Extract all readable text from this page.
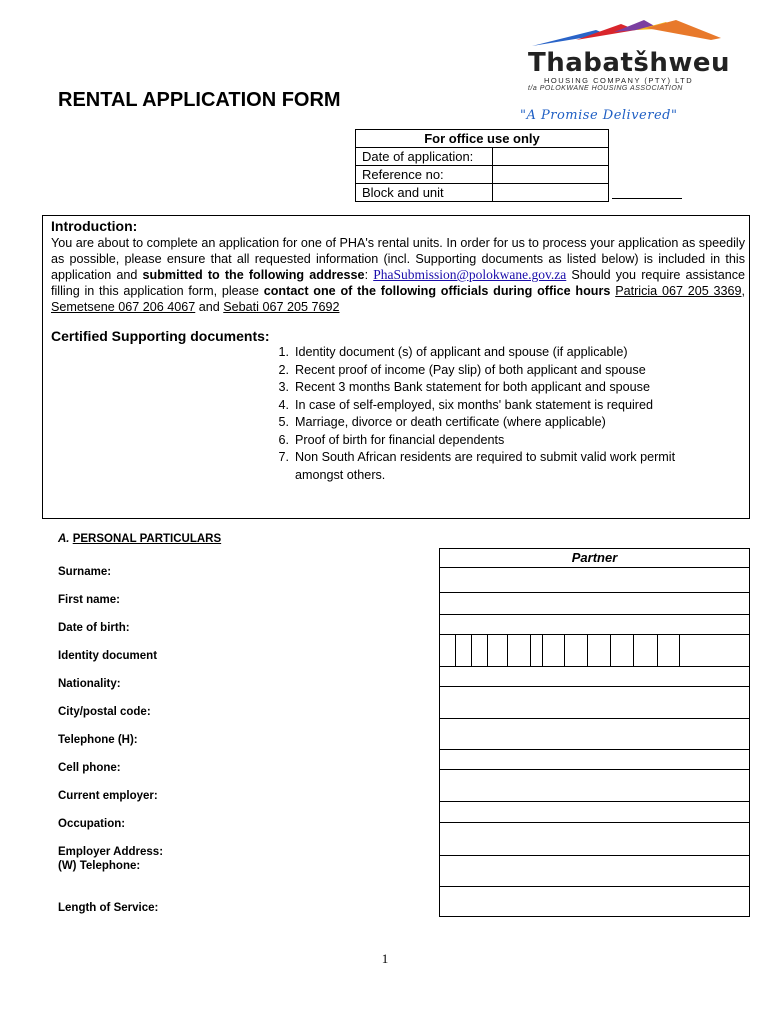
Thabatšhweu
HOUSING COMPANY (PTY) LTD
t/a POLOKWANE HOUSING ASSOCIATION
"A Promise Delivered"
RENTAL APPLICATION FORM
For office use only	
Date of application:	
Reference no:	
Block and unit	
Introduction:
You are about to complete an application for one of PHA's rental units. In order for us to process your application as speedily as possible, please ensure that all requested information (incl. Supporting documents as listed below) is included in this application and submitted to the following addresse: PhaSubmission@polokwane.gov.za Should you require assistance filling in this application form, please contact one of the following officials during office hours Patricia 067 205 3369, Semetsene 067 206 4067 and Sebati 067 205 7692
Certified Supporting documents:
1. Identity document (s) of applicant and spouse (if applicable)
2. Recent proof of income (Pay slip) of both applicant and spouse
3. Recent 3 months Bank statement for both applicant and spouse
4. In case of self-employed, six months' bank statement is required
5. Marriage, divorce or death certificate (where applicable)
6. Proof of birth for financial dependents
7. Non South African residents are required to submit valid work permit amongst others.
A. PERSONAL PARTICULARS
Surname:
First name:
Date of birth:
Identity document
Nationality:
City/postal code:
Telephone (H):
Cell phone:
Current employer:
Occupation:
Employer Address:
(W) Telephone:
Length of Service:
Partner
1
